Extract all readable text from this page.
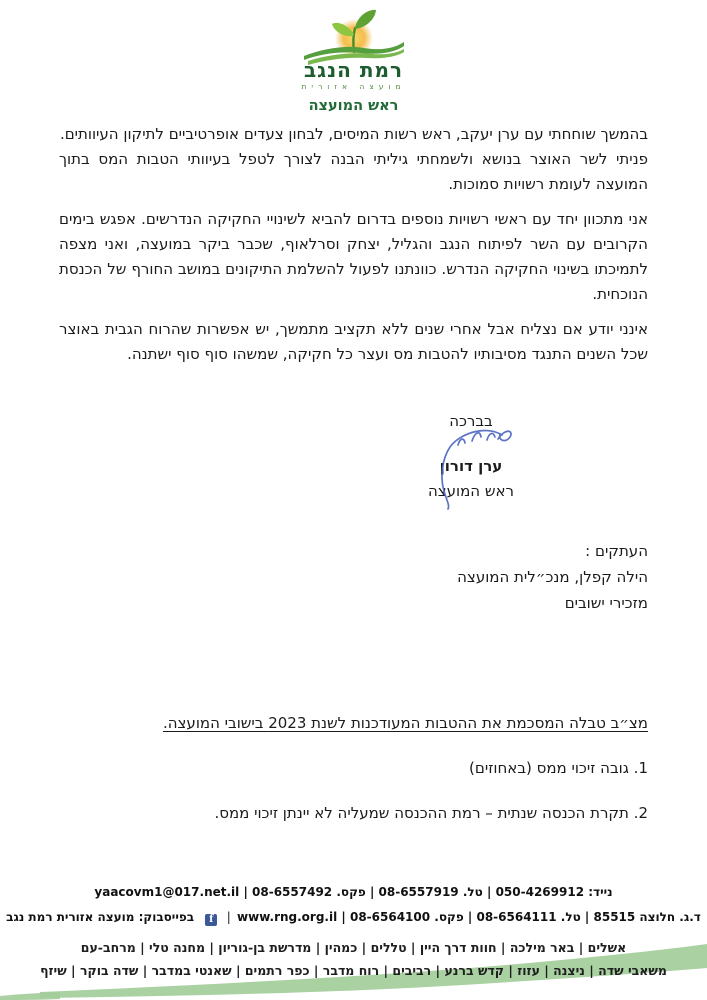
רמת הנגב
מועצה אזורית
ראש המועצה

בהמשך שוחחתי עם ערן יעקב, ראש רשות המיסים, לבחון צעדים אופרטיביים לתיקון העיוותים.

פניתי לשר האוצר בנושא ולשמחתי גיליתי הבנה לצורך לטפל בעיוותי הטבות המס בתוך המועצה לעומת רשויות סמוכות.

אני מתכוון יחד עם ראשי רשויות נוספים בדרום להביא לשינויי החקיקה הנדרשים. אפגש בימים הקרובים עם השר לפיתוח הנגב והגליל, יצחק וסרלאוף, שכבר ביקר במועצה, ואני מצפה לתמיכתו בשינוי החקיקה הנדרש. כוונתנו לפעול להשלמת התיקונים במושב החורף של הכנסת הנוכחית.

אינני יודע אם נצליח אבל אחרי שנים ללא תקציב מתמשך, יש אפשרות שהרוח הגבית באוצר שכל השנים התנגד מסיבותיו להטבות מס ועצר כל חקיקה, שמשהו סוף סוף ישתנה.

בברכה
ערן דורון
ראש המועצה
העתקים :
הילה קפלן, מנכ״לית המועצה
מזכירי ישובים
מצ״ב טבלה המסכמת את ההטבות המעודכנות לשנת 2023 בישובי המועצה.
1. גובה זיכוי ממס (באחוזים)
2. תקרת הכנסה שנתית – רמת ההכנסה שמעליה לא יינתן זיכוי ממס.
נייד: 050-4269912 | טל. 08-6557919 | פקס. 08-6557492 | yaacovm1@017.net.il
ד.ג. חלוצה 85515 | טל. 08-6564111 | פקס. 08-6564100 | www.rng.org.il | f בפייסבוק: מועצה אזורית רמת נגב
אשלים | באר מילכה | חוות דרך היין | טללים | כמהין | מדרשת בן-גוריון | מחנה טלי | מרחב-עם
משאבי שדה | ניצנה | עזוז | קדש ברנע | רביבים | רוח מדבר | כפר רתמים | שאנטי במדבר | שדה בוקר | שיזף
